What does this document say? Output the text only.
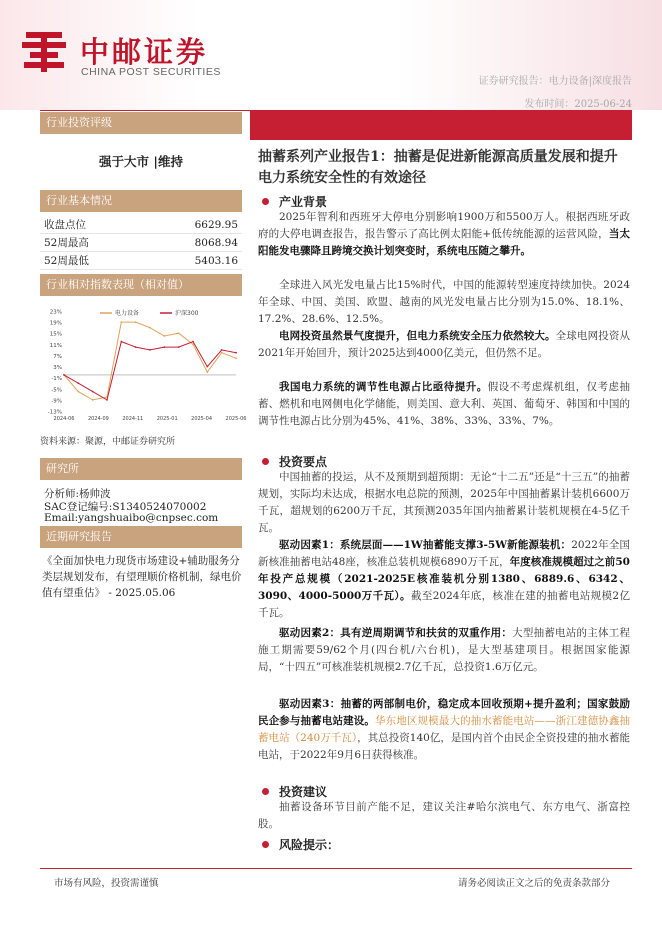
中邮证券
CHINA POST SECURITIES
证券研究报告：电力设备|深度报告
发布时间：2025-06-24
行业投资评级
强于大市 |维持
行业基本情况
收盘点位	6629.95
52周最高	8068.94
52周最低	5403.16
行业相对指数表现（相对值）
23%
19%
15%
11%
7%
3%
-1%
-5%
-9%
-13%
2024-06	2024-09	2024-11	2025-01	2025-04	2025-06
电力设备	沪深300
资料来源：聚源，中邮证券研究所
研究所
分析师:杨帅波
SAC登记编号:S1340524070002
Email:yangshuaibo@cnpsec.com
近期研究报告
《全面加快电力现货市场建设+辅助服务分类层规划发布，有望理顺价格机制，绿电价值有望重估》 - 2025.05.06
抽蓄系列产业报告1：抽蓄是促进新能源高质量发展和提升电力系统安全性的有效途径
产业背景
2025年智利和西班牙大停电分别影响1900万和5500万人。根据西班牙政府的大停电调查报告，报告警示了高比例太阳能+低传统能源的运营风险，当太阳能发电骤降且跨境交换计划突变时，系统电压随之攀升。
全球进入风光发电量占比15%时代，中国的能源转型速度持续加快。2024年全球、中国、美国、欧盟、越南的风光发电量占比分别为15.0%、18.1%、17.2%、28.6%、12.5%。
电网投资虽然景气度提升，但电力系统安全压力依然较大。全球电网投资从2021年开始回升，预计2025达到4000亿美元，但仍然不足。
我国电力系统的调节性电源占比亟待提升。假设不考虑煤机组，仅考虑抽蓄、燃机和电网侧电化学储能，则美国、意大利、英国、葡萄牙、韩国和中国的调节性电源占比分别为45%、41%、38%、33%、33%、7%。
投资要点
中国抽蓄的投运，从不及预期到超预期：无论“十二五”还是“十三五”的抽蓄规划，实际均未达成，根据水电总院的预测，2025年中国抽蓄累计装机6600万千瓦，超规划的6200万千瓦，其预测2035年国内抽蓄累计装机规模在4-5亿千瓦。
驱动因素1：系统层面——1W抽蓄能支撑3-5W新能源装机：2022年全国新核准抽蓄电站48座，核准总装机规模6890万千瓦，年度核准规模超过之前50年投产总规模（2021-2025E核准装机分别1380、6889.6、6342、3090、4000-5000万千瓦）。截至2024年底，核准在建的抽蓄电站规模2亿千瓦。
驱动因素2：具有逆周期调节和扶贫的双重作用：大型抽蓄电站的主体工程施工期需要59/62个月(四台机/六台机)，是大型基建项目。根据国家能源局，“十四五”可核准装机规模2.7亿千瓦，总投资1.6万亿元。
驱动因素3：抽蓄的两部制电价，稳定成本回收预期+提升盈利；国家鼓励民企参与抽蓄电站建设。华东地区规模最大的抽水蓄能电站——浙江建德协鑫抽蓄电站（240万千瓦），其总投资140亿，是国内首个由民企全资投建的抽水蓄能电站，于2022年9月6日获得核准。
投资建议
抽蓄设备环节目前产能不足，建议关注#哈尔滨电气、东方电气、浙富控股。
风险提示：
市场有风险，投资需谨慎	请务必阅读正文之后的免责条款部分
